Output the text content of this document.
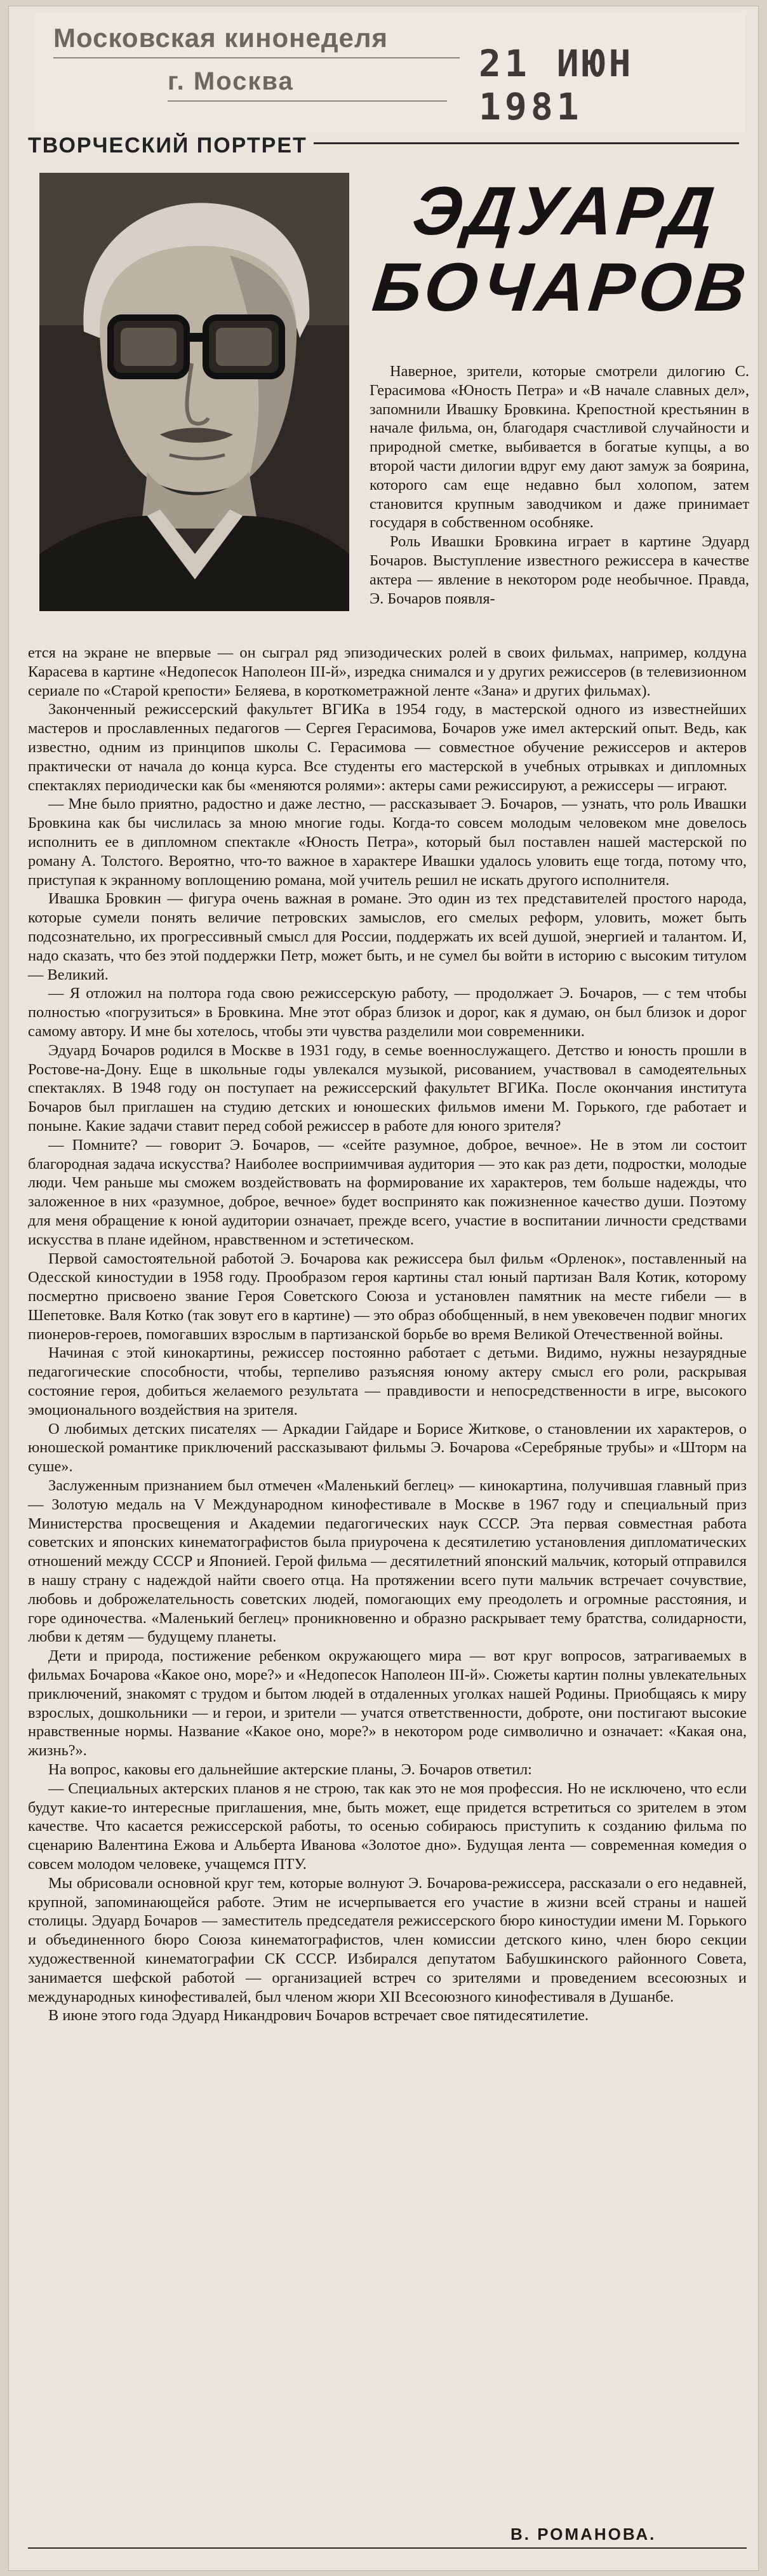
Московская кинонеделя
г. Москва	21 ИЮН 1981
ТВОРЧЕСКИЙ ПОРТРЕТ
ЭДУАРД
БОЧАРОВ

Наверное, зрители, которые смотрели дилогию С. Герасимова «Юность Петра» и «В начале славных дел», запомнили Ивашку Бровкина. Крепостной крестьянин в начале фильма, он, благодаря счастливой случайности и природной сметке, выбивается в богатые купцы, а во второй части дилогии вдруг ему дают замуж за боярина, которого сам еще недавно был холопом, затем становится крупным заводчиком и даже принимает государя в собственном особняке.

Роль Ивашки Бровкина играет в картине Эдуард Бочаров. Выступление известного режиссера в качестве актера — явление в некотором роде необычное. Правда, Э. Бочаров появля-

ется на экране не впервые — он сыграл ряд эпизодических ролей в своих фильмах, например, колдуна Карасева в картине «Недопесок Наполеон III-й», изредка снимался и у других режиссеров (в телевизионном сериале по «Старой крепости» Беляева, в короткометражной ленте «Зана» и других фильмах).

Законченный режиссерский факультет ВГИКа в 1954 году, в мастерской одного из известнейших мастеров и прославленных педагогов — Сергея Герасимова, Бочаров уже имел актерский опыт. Ведь, как известно, одним из принципов школы С. Герасимова — совместное обучение режиссеров и актеров практически от начала до конца курса. Все студенты его мастерской в учебных отрывках и дипломных спектаклях периодически как бы «меняются ролями»: актеры сами режиссируют, а режиссеры — играют.

— Мне было приятно, радостно и даже лестно, — рассказывает Э. Бочаров, — узнать, что роль Ивашки Бровкина как бы числилась за мною многие годы. Когда-то совсем молодым человеком мне довелось исполнить ее в дипломном спектакле «Юность Петра», который был поставлен нашей мастерской по роману А. Толстого. Вероятно, что-то важное в характере Ивашки удалось уловить еще тогда, потому что, приступая к экранному воплощению романа, мой учитель решил не искать другого исполнителя.

Ивашка Бровкин — фигура очень важная в романе. Это один из тех представителей простого народа, которые сумели понять величие петровских замыслов, его смелых реформ, уловить, может быть подсознательно, их прогрессивный смысл для России, поддержать их всей душой, энергией и талантом. И, надо сказать, что без этой поддержки Петр, может быть, и не сумел бы войти в историю с высоким титулом — Великий.

— Я отложил на полтора года свою режиссерскую работу, — продолжает Э. Бочаров, — с тем чтобы полностью «погрузиться» в Бровкина. Мне этот образ близок и дорог, как я думаю, он был близок и дорог самому автору. И мне бы хотелось, чтобы эти чувства разделили мои современники.

Эдуард Бочаров родился в Москве в 1931 году, в семье военнослужащего. Детство и юность прошли в Ростове-на-Дону. Еще в школьные годы увлекался музыкой, рисованием, участвовал в самодеятельных спектаклях. В 1948 году он поступает на режиссерский факультет ВГИКа. После окончания института Бочаров был приглашен на студию детских и юношеских фильмов имени М. Горького, где работает и поныне. Какие задачи ставит перед собой режиссер в работе для юного зрителя?

— Помните? — говорит Э. Бочаров, — «сейте разумное, доброе, вечное». Не в этом ли состоит благородная задача искусства? Наиболее восприимчивая аудитория — это как раз дети, подростки, молодые люди. Чем раньше мы сможем воздействовать на формирование их характеров, тем больше надежды, что заложенное в них «разумное, доброе, вечное» будет воспринято как пожизненное качество души. Поэтому для меня обращение к юной аудитории означает, прежде всего, участие в воспитании личности средствами искусства в плане идейном, нравственном и эстетическом.

Первой самостоятельной работой Э. Бочарова как режиссера был фильм «Орленок», поставленный на Одесской киностудии в 1958 году. Прообразом героя картины стал юный партизан Валя Котик, которому посмертно присвоено звание Героя Советского Союза и установлен памятник на месте гибели — в Шепетовке. Валя Котко (так зовут его в картине) — это образ обобщенный, в нем увековечен подвиг многих пионеров-героев, помогавших взрослым в партизанской борьбе во время Великой Отечественной войны.

Начиная с этой кинокартины, режиссер постоянно работает с детьми. Видимо, нужны незаурядные педагогические способности, чтобы, терпеливо разъясняя юному актеру смысл его роли, раскрывая состояние героя, добиться желаемого результата — правдивости и непосредственности в игре, высокого эмоционального воздействия на зрителя.

О любимых детских писателях — Аркадии Гайдаре и Борисе Житкове, о становлении их характеров, о юношеской романтике приключений рассказывают фильмы Э. Бочарова «Серебряные трубы» и «Шторм на суше».

Заслуженным признанием был отмечен «Маленький беглец» — кинокартина, получившая главный приз — Золотую медаль на V Международном кинофестивале в Москве в 1967 году и специальный приз Министерства просвещения и Академии педагогических наук СССР. Эта первая совместная работа советских и японских кинематографистов была приурочена к десятилетию установления дипломатических отношений между СССР и Японией. Герой фильма — десятилетний японский мальчик, который отправился в нашу страну с надеждой найти своего отца. На протяжении всего пути мальчик встречает сочувствие, любовь и доброжелательность советских людей, помогающих ему преодолеть и огромные расстояния, и горе одиночества. «Маленький беглец» проникновенно и образно раскрывает тему братства, солидарности, любви к детям — будущему планеты.

Дети и природа, постижение ребенком окружающего мира — вот круг вопросов, затрагиваемых в фильмах Бочарова «Какое оно, море?» и «Недопесок Наполеон III-й». Сюжеты картин полны увлекательных приключений, знакомят с трудом и бытом людей в отдаленных уголках нашей Родины. Приобщаясь к миру взрослых, дошкольники — и герои, и зрители — учатся ответственности, доброте, они постигают высокие нравственные нормы. Название «Какое оно, море?» в некотором роде символично и означает: «Какая она, жизнь?».

На вопрос, каковы его дальнейшие актерские планы, Э. Бочаров ответил:

— Специальных актерских планов я не строю, так как это не моя профессия. Но не исключено, что если будут какие-то интересные приглашения, мне, быть может, еще придется встретиться со зрителем в этом качестве. Что касается режиссерской работы, то осенью собираюсь приступить к созданию фильма по сценарию Валентина Ежова и Альберта Иванова «Золотое дно». Будущая лента — современная комедия о совсем молодом человеке, учащемся ПТУ.

Мы обрисовали основной круг тем, которые волнуют Э. Бочарова-режиссера, рассказали о его недавней, крупной, запоминающейся работе. Этим не исчерпывается его участие в жизни всей страны и нашей столицы. Эдуард Бочаров — заместитель председателя режиссерского бюро киностудии имени М. Горького и объединенного бюро Союза кинематографистов, член комиссии детского кино, член бюро секции художественной кинематографии СК СССР. Избирался депутатом Бабушкинского районного Совета, занимается шефской работой — организацией встреч со зрителями и проведением всесоюзных и международных кинофестивалей, был членом жюри XII Всесоюзного кинофестиваля в Душанбе.

В июне этого года Эдуард Никандрович Бочаров встречает свое пятидесятилетие.

В. РОМАНОВА.
